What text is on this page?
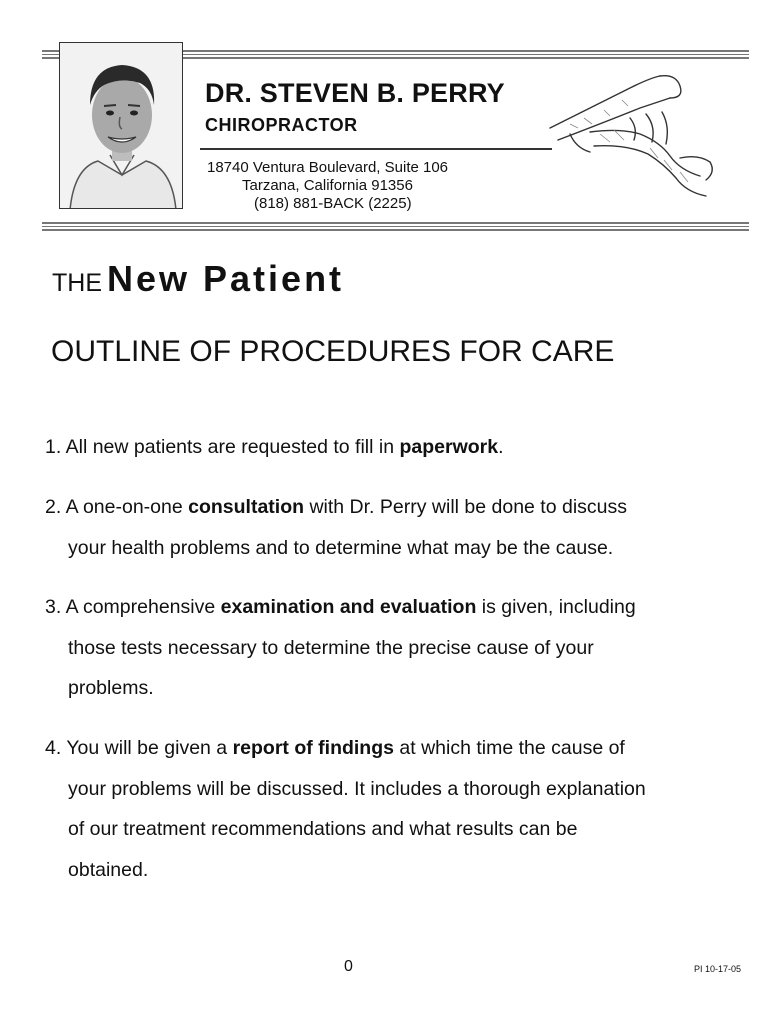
DR. STEVEN B. PERRY
CHIROPRACTOR
18740 Ventura Boulevard, Suite 106
Tarzana, California 91356
(818) 881-BACK (2225)
THE New Patient
OUTLINE OF PROCEDURES FOR CARE
1. All new patients are requested to fill in paperwork.
2. A one-on-one consultation with Dr. Perry will be done to discuss
your health problems and to determine what may be the cause.
3. A comprehensive examination and evaluation is given, including
those tests necessary to determine the precise cause of your
problems.
4. You will be given a report of findings at which time the cause of
your problems will be discussed. It includes a thorough explanation
of our treatment recommendations and what results can be
obtained.
0	PI 10-17-05
